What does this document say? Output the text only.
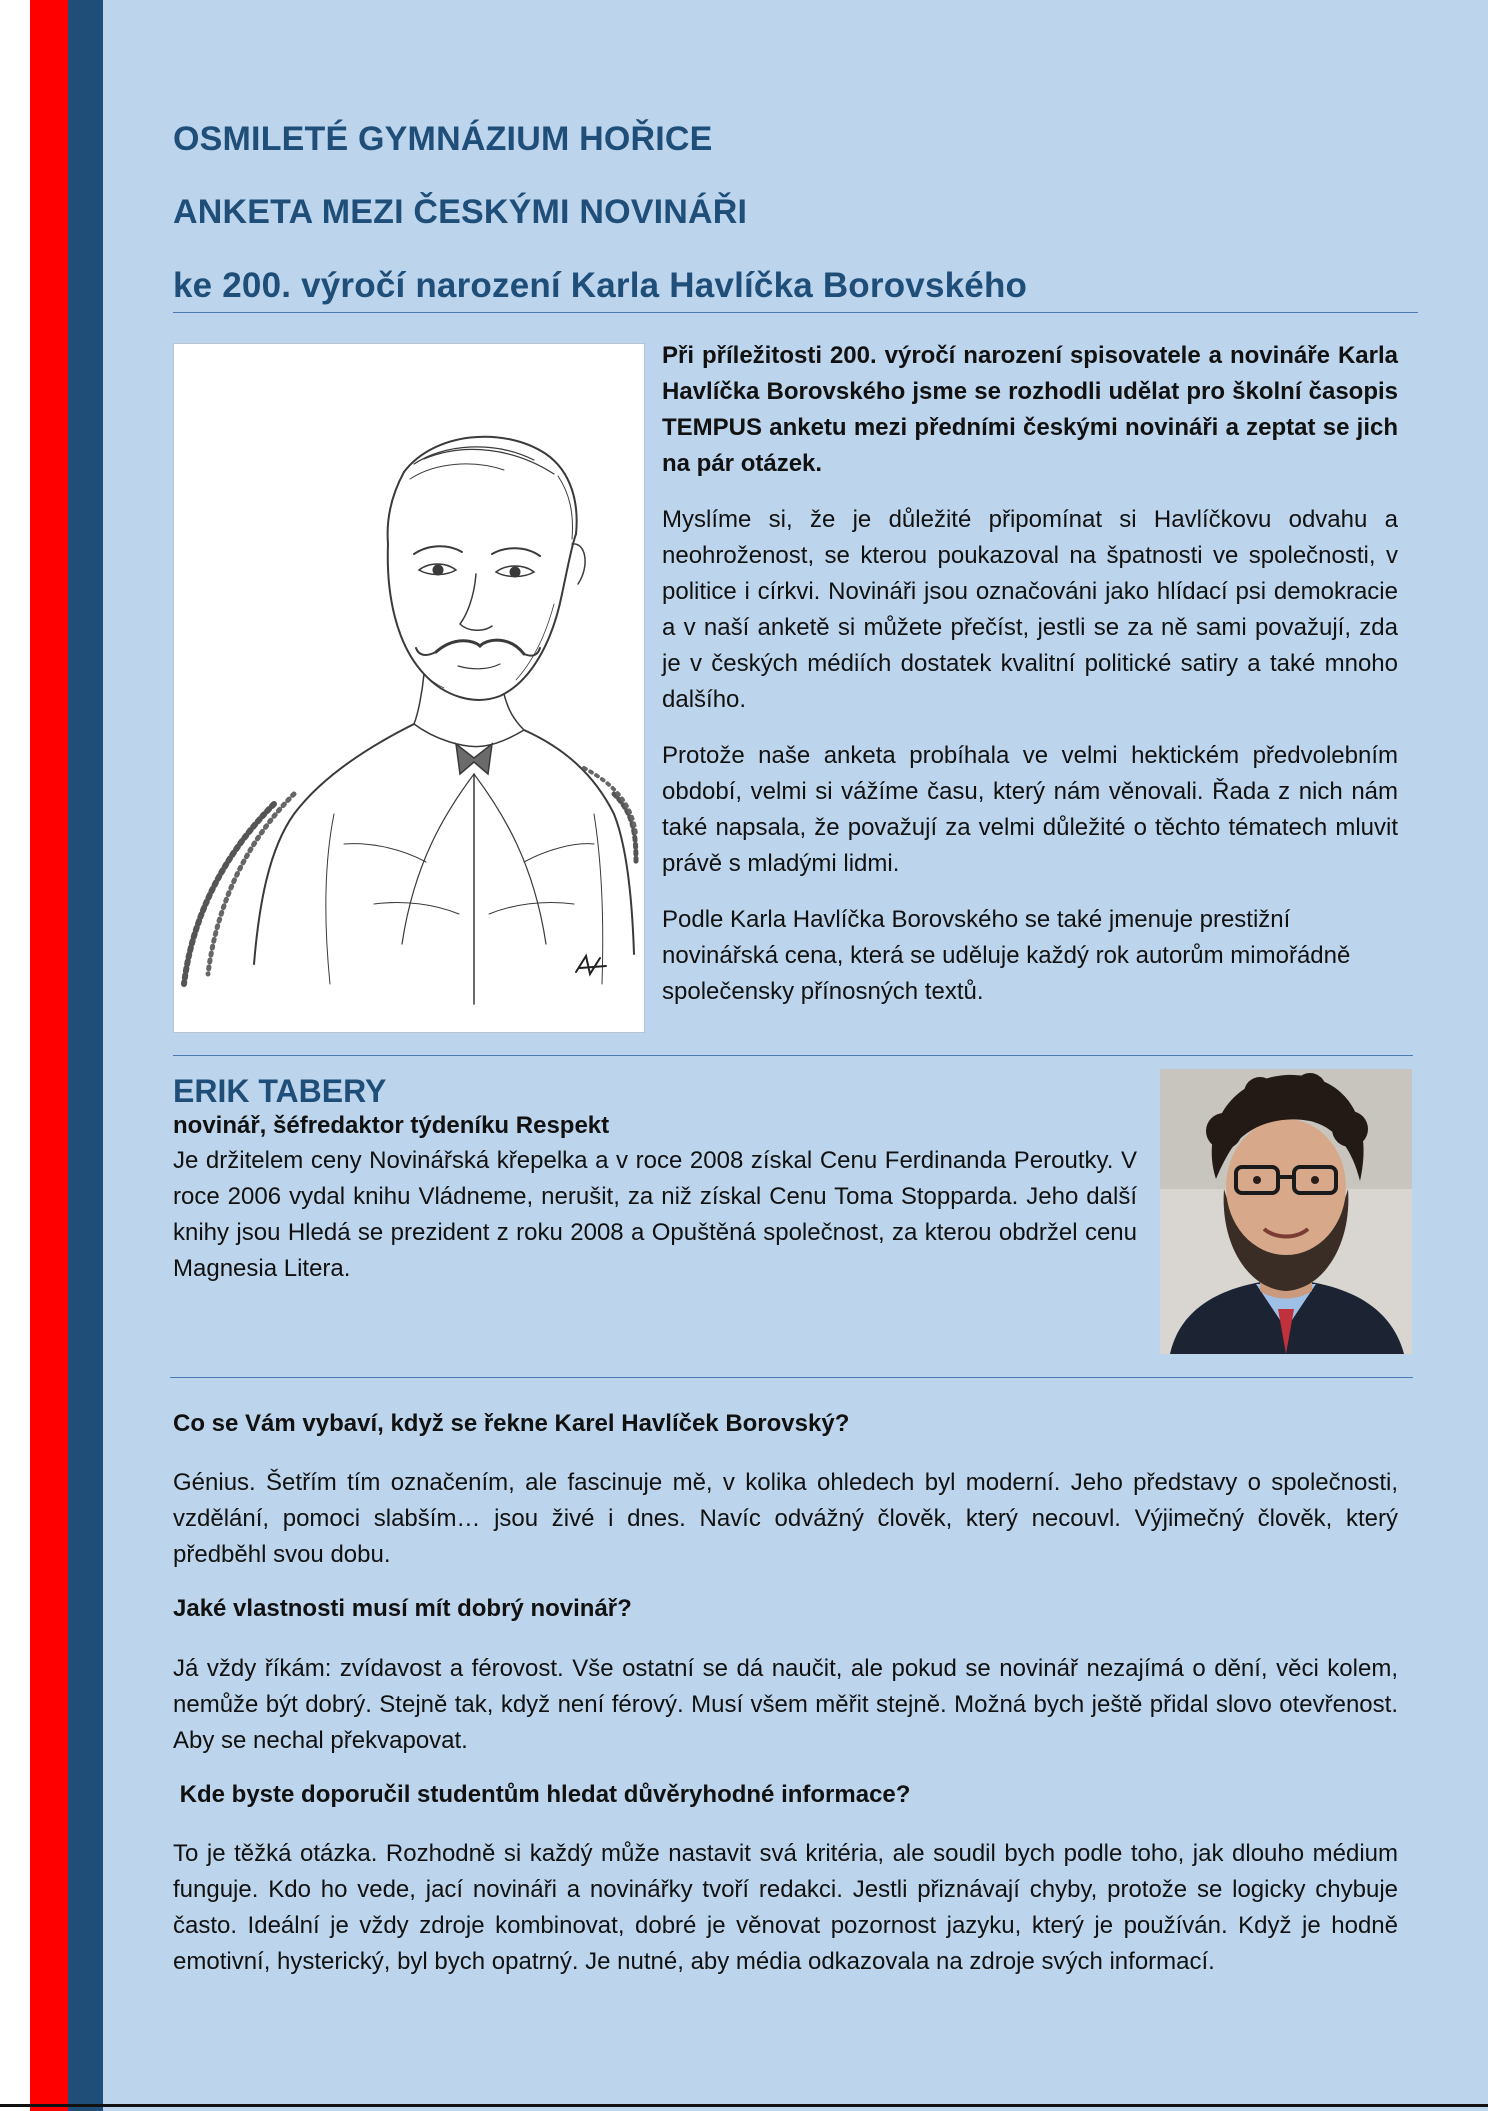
OSMILETÉ GYMNÁZIUM HOŘICE
ANKETA MEZI ČESKÝMI NOVINÁŘI
ke 200. výročí narození Karla Havlíčka Borovského

Při příležitosti 200. výročí narození spisovatele a novináře Karla Havlíčka Borovského jsme se rozhodli udělat pro školní časopis TEMPUS anketu mezi předními českými novináři a zeptat se jich na pár otázek.

Myslíme si, že je důležité připomínat si Havlíčkovu odvahu a neohroženost, se kterou poukazoval na špatnosti ve společnosti, v politice i církvi. Novináři jsou označováni jako hlídací psi demokracie a v naší anketě si můžete přečíst, jestli se za ně sami považují, zda je v českých médiích dostatek kvalitní politické satiry a také mnoho dalšího.

Protože naše anketa probíhala ve velmi hektickém předvolebním období, velmi si vážíme času, který nám věnovali. Řada z nich nám také napsala, že považují za velmi důležité o těchto tématech mluvit právě s mladými lidmi.

Podle Karla Havlíčka Borovského se také jmenuje prestižní novinářská cena, která se uděluje každý rok autorům mimořádně společensky přínosných textů.

ERIK TABERY
novinář, šéfredaktor týdeníku Respekt

Je držitelem ceny Novinářská křepelka a v roce 2008 získal Cenu Ferdinanda Peroutky. V roce 2006 vydal knihu Vládneme, nerušit, za niž získal Cenu Toma Stopparda. Jeho další knihy jsou Hledá se prezident z roku 2008 a Opuštěná společnost, za kterou obdržel cenu Magnesia Litera.

Co se Vám vybaví, když se řekne Karel Havlíček Borovský?

Génius. Šetřím tím označením, ale fascinuje mě, v kolika ohledech byl moderní. Jeho představy o společnosti, vzdělání, pomoci slabším… jsou živé i dnes. Navíc odvážný člověk, který necouvl. Výjimečný člověk, který předběhl svou dobu.

Jaké vlastnosti musí mít dobrý novinář?

Já vždy říkám: zvídavost a férovost. Vše ostatní se dá naučit, ale pokud se novinář nezajímá o dění, věci kolem, nemůže být dobrý. Stejně tak, když není férový. Musí všem měřit stejně. Možná bych ještě přidal slovo otevřenost. Aby se nechal překvapovat.

Kde byste doporučil studentům hledat důvěryhodné informace?

To je těžká otázka. Rozhodně si každý může nastavit svá kritéria, ale soudil bych podle toho, jak dlouho médium funguje. Kdo ho vede, jací novináři a novinářky tvoří redakci. Jestli přiznávají chyby, protože se logicky chybuje často. Ideální je vždy zdroje kombinovat, dobré je věnovat pozornost jazyku, který je používán. Když je hodně emotivní, hysterický, byl bych opatrný. Je nutné, aby média odkazovala na zdroje svých informací.
